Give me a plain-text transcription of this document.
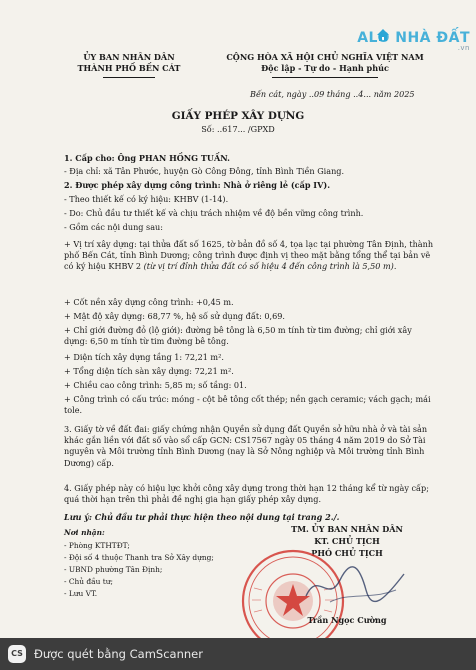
ỦY BAN NHÂN DÂN
THÀNH PHỐ BẾN CÁT
CỘNG HÒA XÃ HỘI CHỦ NGHĨA VIỆT NAM
Độc lập - Tự do - Hạnh phúc
ALO NHÀ ĐẤT
.vn
Bến cát, ngày ..09 tháng ..4... năm 2025
GIẤY PHÉP XÂY DỰNG
Số: ..617... /GPXD
1. Cấp cho: Ông PHAN HỒNG TUẤN.
- Địa chỉ: xã Tân Phước, huyện Gò Công Đông, tỉnh Bình Tiền Giang.
2. Được phép xây dựng công trình: Nhà ở riêng lẻ (cấp IV).
- Theo thiết kế có ký hiệu: KHBV (1-14).
- Do: Chủ đầu tư thiết kế và chịu trách nhiệm về độ bền vững công trình.
- Gồm các nội dung sau:
+ Vị trí xây dựng: tại thửa đất số 1625, tờ bản đồ số 4, tọa lạc tại phường Tân Định, thành phố Bến Cát, tỉnh Bình Dương; công trình được định vị theo mặt bằng tổng thể tại bản vẽ có ký hiệu KHBV 2 (từ vị trí đỉnh thửa đất có số hiệu 4 đến công trình là 5,50 m).
+ Cốt nền xây dựng công trình: +0,45 m.
+ Mật độ xây dựng: 68,77 %, hệ số sử dụng đất: 0,69.
+ Chỉ giới đường đỏ (lộ giới): đường bê tông là 6,50 m tính từ tim đường; chỉ giới xây dựng: 6,50 m tính từ tim đường bê tông.
+ Diện tích xây dựng tầng 1: 72,21 m².
+ Tổng diện tích sàn xây dựng: 72,21 m².
+ Chiều cao công trình: 5,85 m; số tầng: 01.
+ Công trình có cấu trúc: móng - cột bê tông cốt thép; nền gạch ceramic; vách gạch; mái tole.
3. Giấy tờ về đất đai: giấy chứng nhận Quyền sử dụng đất Quyền sở hữu nhà ở và tài sản khác gắn liền với đất số vào sổ cấp GCN: CS17567 ngày 05 tháng 4 năm 2019 do Sở Tài nguyên và Môi trường tỉnh Bình Dương (nay là Sở Nông nghiệp và Môi trường tỉnh Bình Dương) cấp.
4. Giấy phép này có hiệu lực khởi công xây dựng trong thời hạn 12 tháng kể từ ngày cấp; quá thời hạn trên thì phải đề nghị gia hạn giấy phép xây dựng.
Lưu ý: Chủ đầu tư phải thực hiện theo nội dung tại trang 2./.
Nơi nhận:
- Phòng KTHTĐT;
- Đội số 4 thuộc Thanh tra Sở Xây dựng;
- UBND phường Tân Định;
- Chủ đầu tư;
- Lưu VT.
TM. ỦY BAN NHÂN DÂN
KT. CHỦ TỊCH
PHÓ CHỦ TỊCH
Trần Ngọc Cường
CS Được quét bằng CamScanner
